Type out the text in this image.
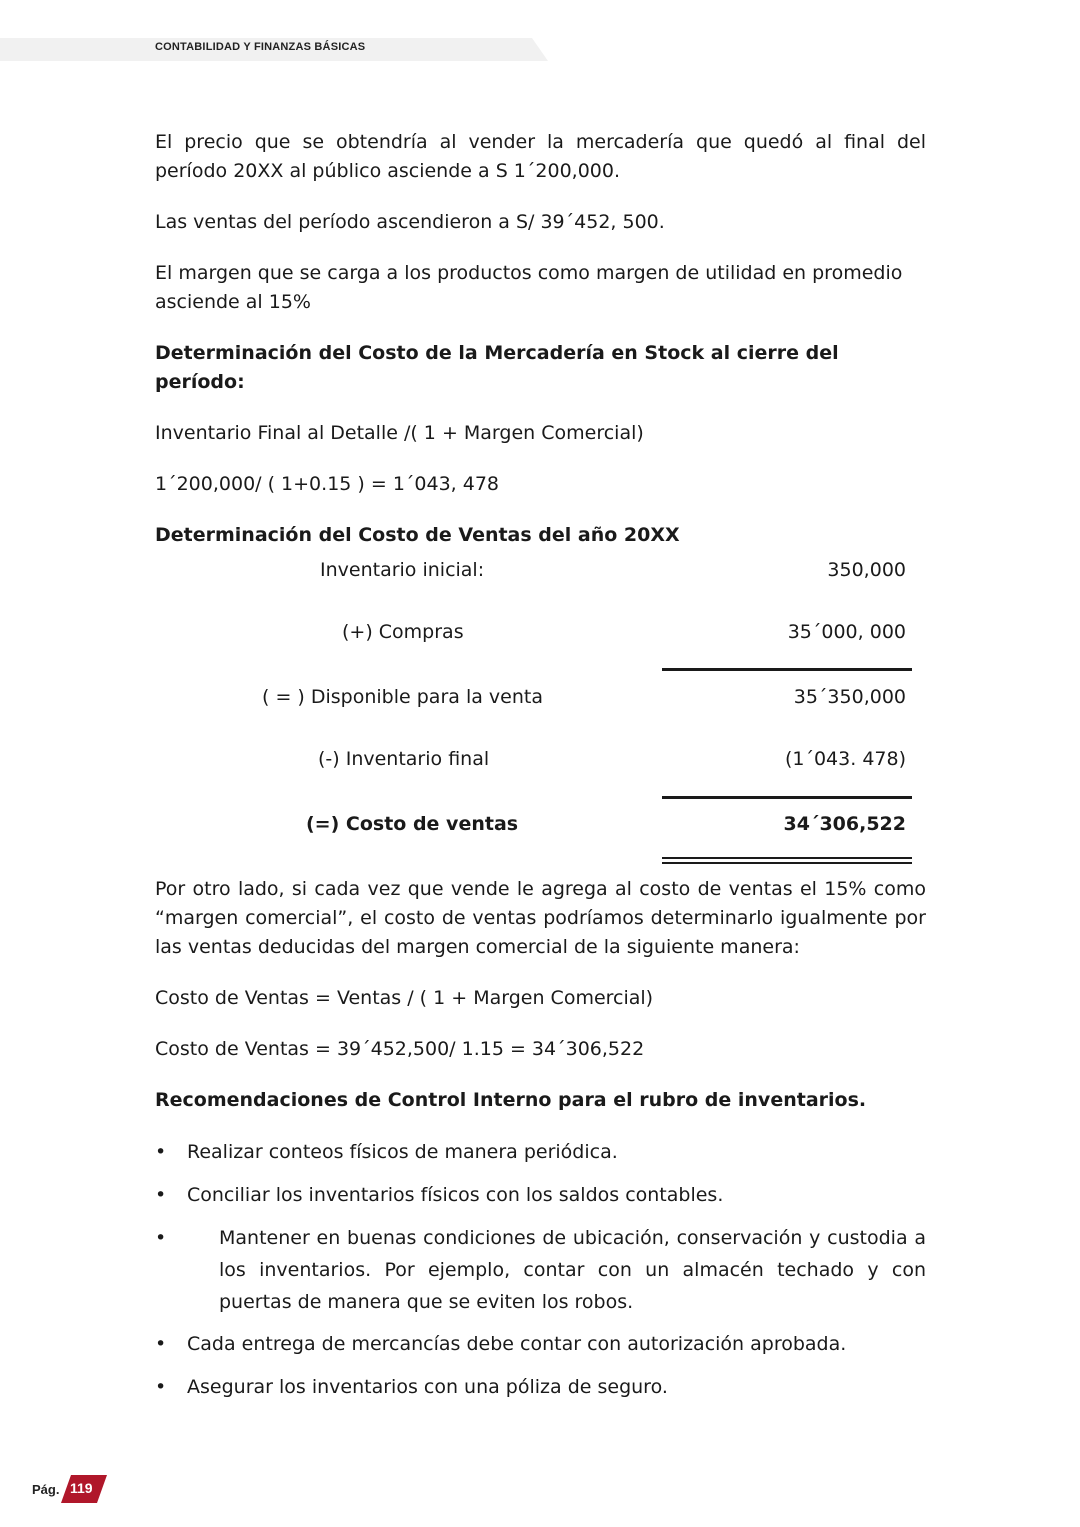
CONTABILIDAD Y FINANZAS BÁSICAS

El precio que se obtendría al vender la mercadería que quedó al final del período 20XX al público asciende a S 1´200,000.

Las ventas del período ascendieron a S/ 39´452, 500.

El margen que se carga a los productos como margen de utilidad en promedio asciende al 15%

Determinación del Costo de la Mercadería en Stock al cierre del período:

Inventario Final al Detalle /( 1 + Margen Comercial)

1´200,000/ ( 1+0.15 ) = 1´043, 478

Determinación del Costo de Ventas del año 20XX

Inventario inicial:	350,000
(+) Compras	35´000, 000
( = ) Disponible para la venta	35´350,000
(-) Inventario final	(1´043. 478)
(=) Costo de ventas	34´306,522

Por otro lado, si cada vez que vende le agrega al costo de ventas el 15% como “margen comercial”, el costo de ventas podríamos determinarlo igualmente por las ventas deducidas del margen comercial de la siguiente manera:

Costo de Ventas = Ventas / ( 1 + Margen Comercial)

Costo de Ventas = 39´452,500/ 1.15 = 34´306,522

Recomendaciones de Control Interno para el rubro de inventarios.

• Realizar conteos físicos de manera periódica.
• Conciliar los inventarios físicos con los saldos contables.
•	Mantener en buenas condiciones de ubicación, conservación y custodia a los inventarios. Por ejemplo, contar con un almacén techado y con puertas de manera que se eviten los robos.
• Cada entrega de mercancías debe contar con autorización aprobada.
• Asegurar los inventarios con una póliza de seguro.
Pág. 119
